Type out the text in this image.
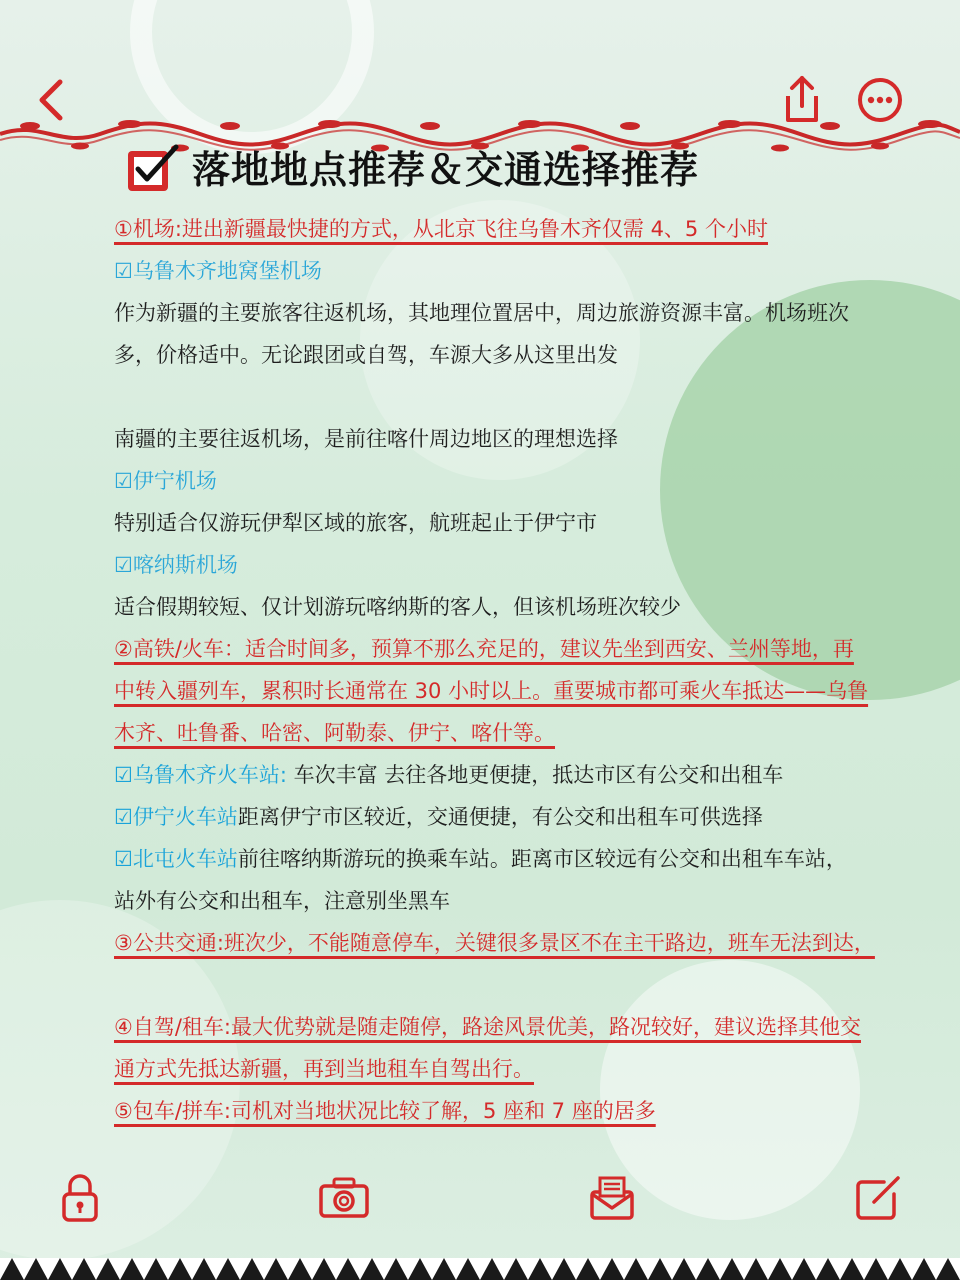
落地地点推荐＆交通选择推荐
①机场:进出新疆最快捷的方式，从北京飞往乌鲁木齐仅需 4、5 个小时
☑乌鲁木齐地窝堡机场
作为新疆的主要旅客往返机场，其地理位置居中，周边旅游资源丰富。机场班次
多，价格适中。无论跟团或自驾，车源大多从这里出发
南疆的主要往返机场，是前往喀什周边地区的理想选择
☑伊宁机场
特别适合仅游玩伊犁区域的旅客，航班起止于伊宁市
☑喀纳斯机场
适合假期较短、仅计划游玩喀纳斯的客人，但该机场班次较少
②高铁/火车：适合时间多，预算不那么充足的，建议先坐到西安、兰州等地，再
中转入疆列车，累积时长通常在 30 小时以上。重要城市都可乘火车抵达——乌鲁
木齐、吐鲁番、哈密、阿勒泰、伊宁、喀什等。
☑乌鲁木齐火车站: 车次丰富 去往各地更便捷，抵达市区有公交和出租车
☑伊宁火车站距离伊宁市区较近，交通便捷，有公交和出租车可供选择
☑北屯火车站前往喀纳斯游玩的换乘车站。距离市区较远有公交和出租车车站，
站外有公交和出租车，注意别坐黑车
③公共交通:班次少，不能随意停车，关键很多景区不在主干路边，班车无法到达，
④自驾/租车:最大优势就是随走随停，路途风景优美，路况较好，建议选择其他交
通方式先抵达新疆，再到当地租车自驾出行。
⑤包车/拼车:司机对当地状况比较了解，5 座和 7 座的居多
